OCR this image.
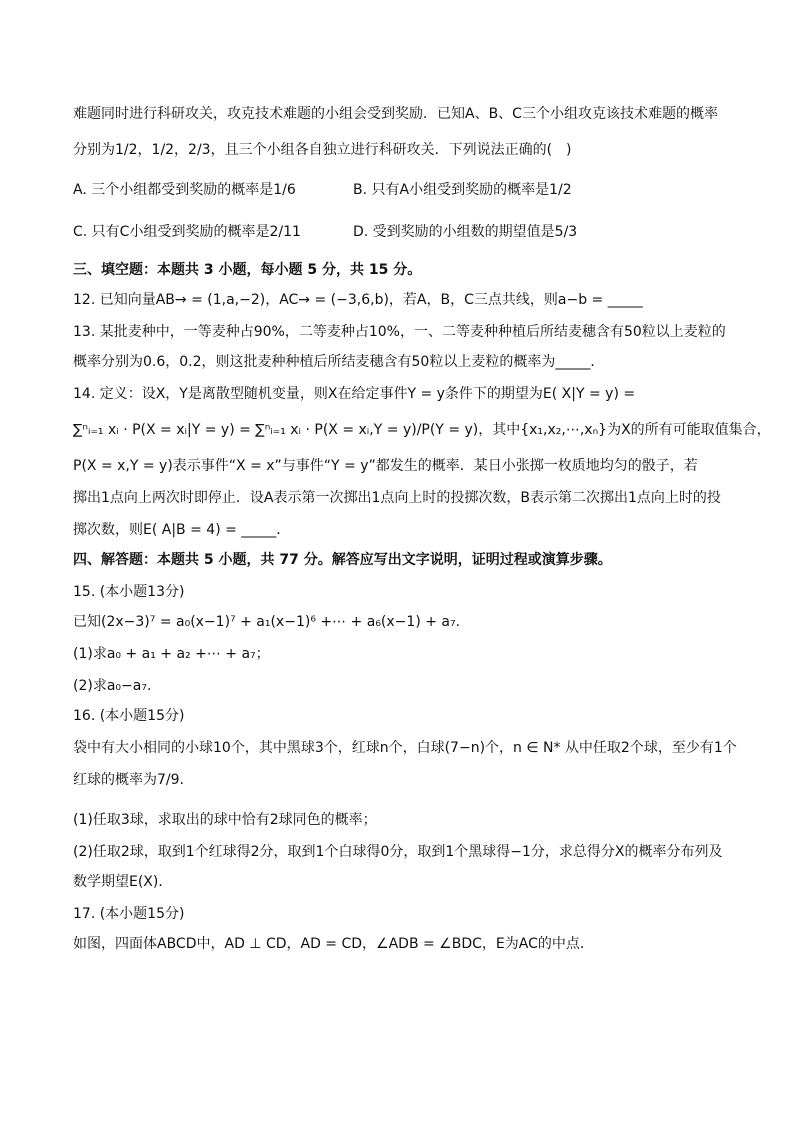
难题同时进行科研攻关，攻克技术难题的小组会受到奖励．已知A、B、C三个小组攻克该技术难题的概率
分别为1/2，1/2，2/3，且三个小组各自独立进行科研攻关．下列说法正确的(　)
A. 三个小组都受到奖励的概率是1/6	B. 只有A小组受到奖励的概率是1/2
C. 只有C小组受到奖励的概率是2/11	D. 受到奖励的小组数的期望值是5/3
三、填空题：本题共 3 小题，每小题 5 分，共 15 分。
12. 已知向量AB→ = (1,a,−2)，AC→ = (−3,6,b)，若A，B，C三点共线，则a−b = _____
13. 某批麦种中，一等麦种占90%，二等麦种占10%，一、二等麦种种植后所结麦穗含有50粒以上麦粒的
概率分别为0.6，0.2，则这批麦种种植后所结麦穗含有50粒以上麦粒的概率为_____．
14. 定义：设X，Y是离散型随机变量，则X在给定事件Y = y条件下的期望为E( X|Y = y) =
∑ⁿᵢ₌₁ xᵢ · P(X = xᵢ|Y = y) = ∑ⁿᵢ₌₁ xᵢ · P(X = xᵢ,Y = y)/P(Y = y)，其中{x₁,x₂,⋯,xₙ}为X的所有可能取值集合，
P(X = x,Y = y)表示事件“X = x”与事件“Y = y”都发生的概率．某日小张掷一枚质地均匀的骰子，若
掷出1点向上两次时即停止．设A表示第一次掷出1点向上时的投掷次数，B表示第二次掷出1点向上时的投
掷次数，则E( A|B = 4) = _____．
四、解答题：本题共 5 小题，共 77 分。解答应写出文字说明，证明过程或演算步骤。
15. (本小题13分)
已知(2x−3)⁷ = a₀(x−1)⁷ + a₁(x−1)⁶ +⋯ + a₆(x−1) + a₇.
(1)求a₀ + a₁ + a₂ +⋯ + a₇；
(2)求a₀−a₇.
16. (本小题15分)
袋中有大小相同的小球10个，其中黑球3个，红球n个，白球(7−n)个，n ∈ N* 从中任取2个球，至少有1个
红球的概率为7/9.
(1)任取3球，求取出的球中恰有2球同色的概率；
(2)任取2球，取到1个红球得2分，取到1个白球得0分，取到1个黑球得−1分，求总得分X的概率分布列及
数学期望E(X)．
17. (本小题15分)
如图，四面体ABCD中，AD ⊥ CD，AD = CD，∠ADB = ∠BDC，E为AC的中点．
